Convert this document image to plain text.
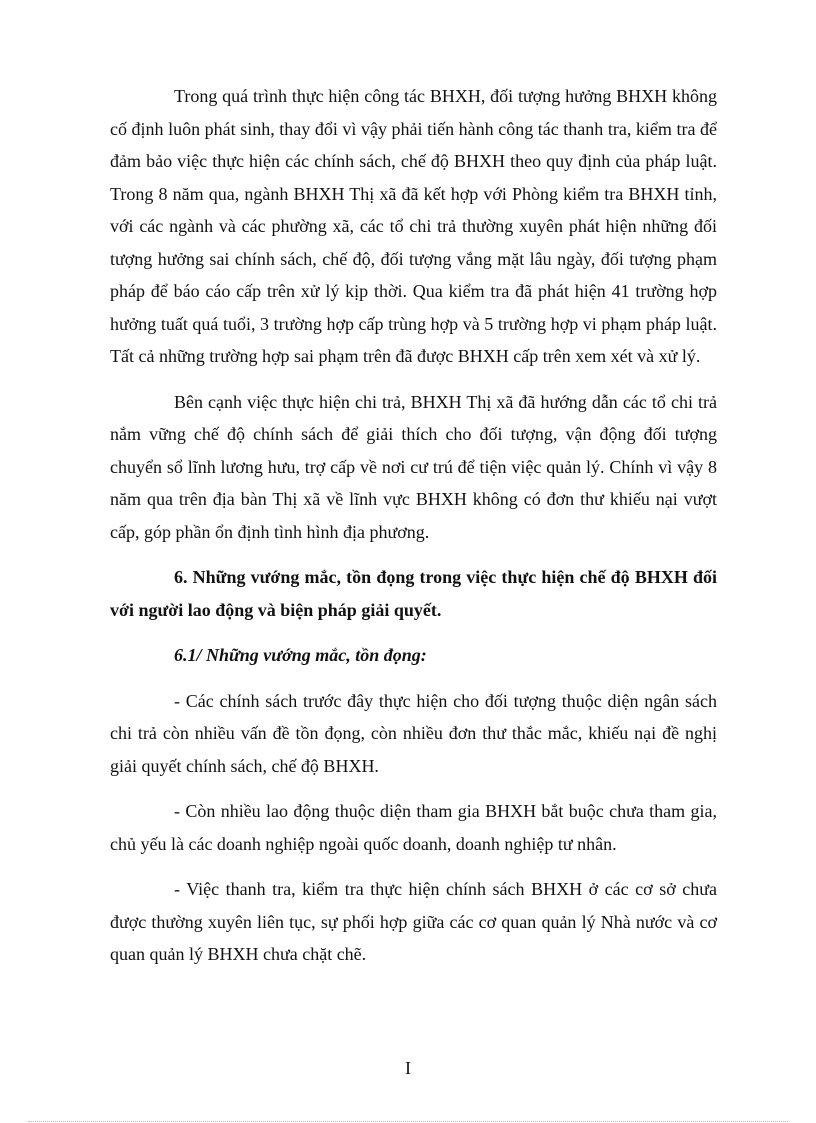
Trong quá trình thực hiện công tác BHXH, đối tượng hưởng BHXH không cố định luôn phát sinh, thay đổi vì vậy phải tiến hành công tác thanh tra, kiểm tra để đảm bảo việc thực hiện các chính sách, chế độ BHXH theo quy định của pháp luật. Trong 8 năm qua, ngành BHXH Thị xã đã kết hợp với Phòng kiểm tra BHXH tỉnh, với các ngành và các phường xã, các tổ chi trả thường xuyên phát hiện những đối tượng hưởng sai chính sách, chế độ, đối tượng vắng mặt lâu ngày, đối tượng phạm pháp để báo cáo cấp trên xử lý kịp thời. Qua kiểm tra đã phát hiện 41 trường hợp hưởng tuất quá tuổi, 3 trường hợp cấp trùng hợp và 5 trường hợp vi phạm pháp luật. Tất cả những trường hợp sai phạm trên đã được BHXH cấp trên xem xét và xử lý.

Bên cạnh việc thực hiện chi trả, BHXH Thị xã đã hướng dẫn các tổ chi trả nắm vững chế độ chính sách để giải thích cho đối tượng, vận động đối tượng chuyển sổ lĩnh lương hưu, trợ cấp về nơi cư trú để tiện việc quản lý. Chính vì vậy 8 năm qua trên địa bàn Thị xã về lĩnh vực BHXH không có đơn thư khiếu nại vượt cấp, góp phần ổn định tình hình địa phương.

6. Những vướng mắc, tồn đọng trong việc thực hiện chế độ BHXH đối với người lao động và biện pháp giải quyết.

6.1/ Những vướng mắc, tồn đọng:

- Các chính sách trước đây thực hiện cho đối tượng thuộc diện ngân sách chi trả còn nhiều vấn đề tồn đọng, còn nhiều đơn thư thắc mắc, khiếu nại đề nghị giải quyết chính sách, chế độ BHXH.

- Còn nhiều lao động thuộc diện tham gia BHXH bắt buộc chưa tham gia, chủ yếu là các doanh nghiệp ngoài quốc doanh, doanh nghiệp tư nhân.

- Việc thanh tra, kiểm tra thực hiện chính sách BHXH ở các cơ sở chưa được thường xuyên liên tục, sự phối hợp giữa các cơ quan quản lý Nhà nước và cơ quan quản lý BHXH chưa chặt chẽ.

I
